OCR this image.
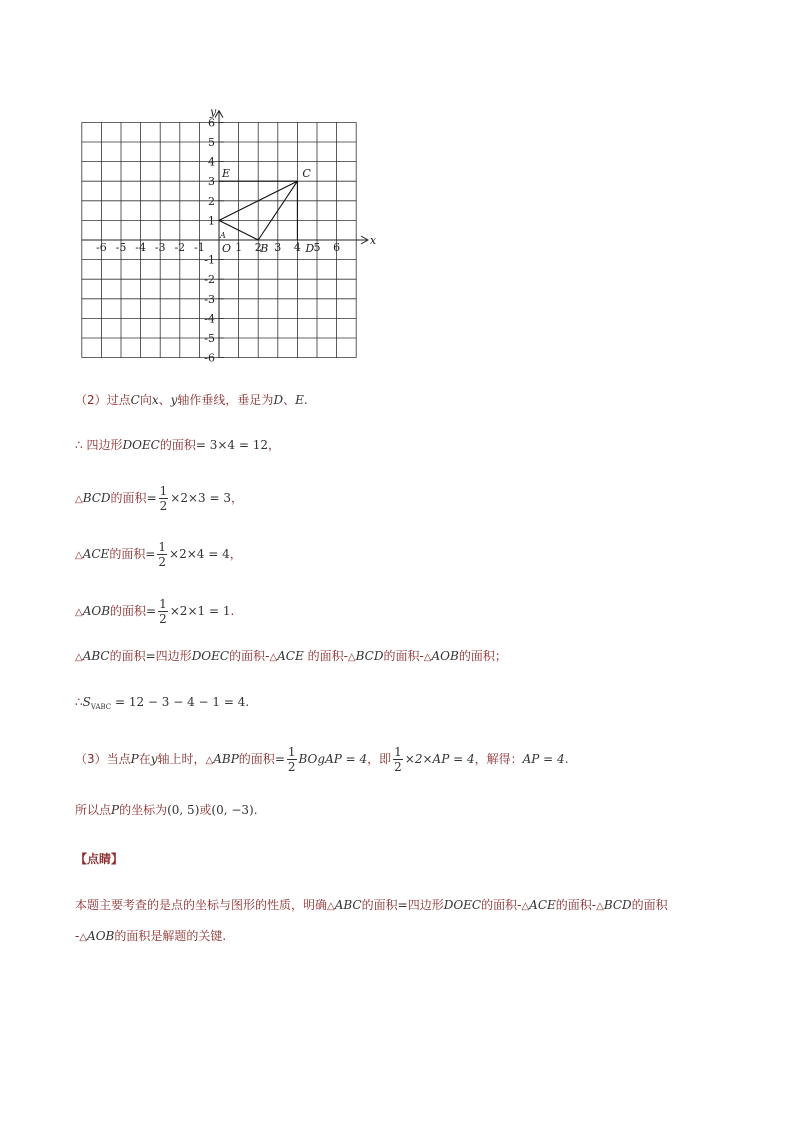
x
y
-6 -5 -4 -3 -2 -1	1 2 3 4 5 6
6
5
4
3
2
1
-1
-2
-3
-4
-5
-6
O
E	C
B	D
A
（2）过点C向x、y轴作垂线，垂足为D、E.
∴ 四边形DOEC的面积= 3×4 = 12，
△BCD的面积= $\frac{1}{2} \times 2\times 3 = 3$，
△ACE的面积= $\frac{1}{2} \times 2\times 4 = 4$，
△AOB的面积= $\frac{1}{2} \times 2\times 1 = 1$.
△ABC的面积=四边形DOEC的面积-△ACE 的面积-△BCD的面积-△AOB的面积；
$\therefore S_{VABC} = 12 - 3 - 4 - 1 = 4$.
（3）当点P在y轴上时，△ABP的面积= $\frac{1}{2}$ BOgAP = 4，即 $\frac{1}{2} \times 2\times AP = 4$，解得：AP = 4.
所以点P的坐标为(0, 5)或(0, −3).
【点睛】
本题主要考查的是点的坐标与图形的性质，明确△ABC的面积=四边形DOEC的面积-△ACE的面积-△BCD的面积
-△AOB的面积是解题的关键.
